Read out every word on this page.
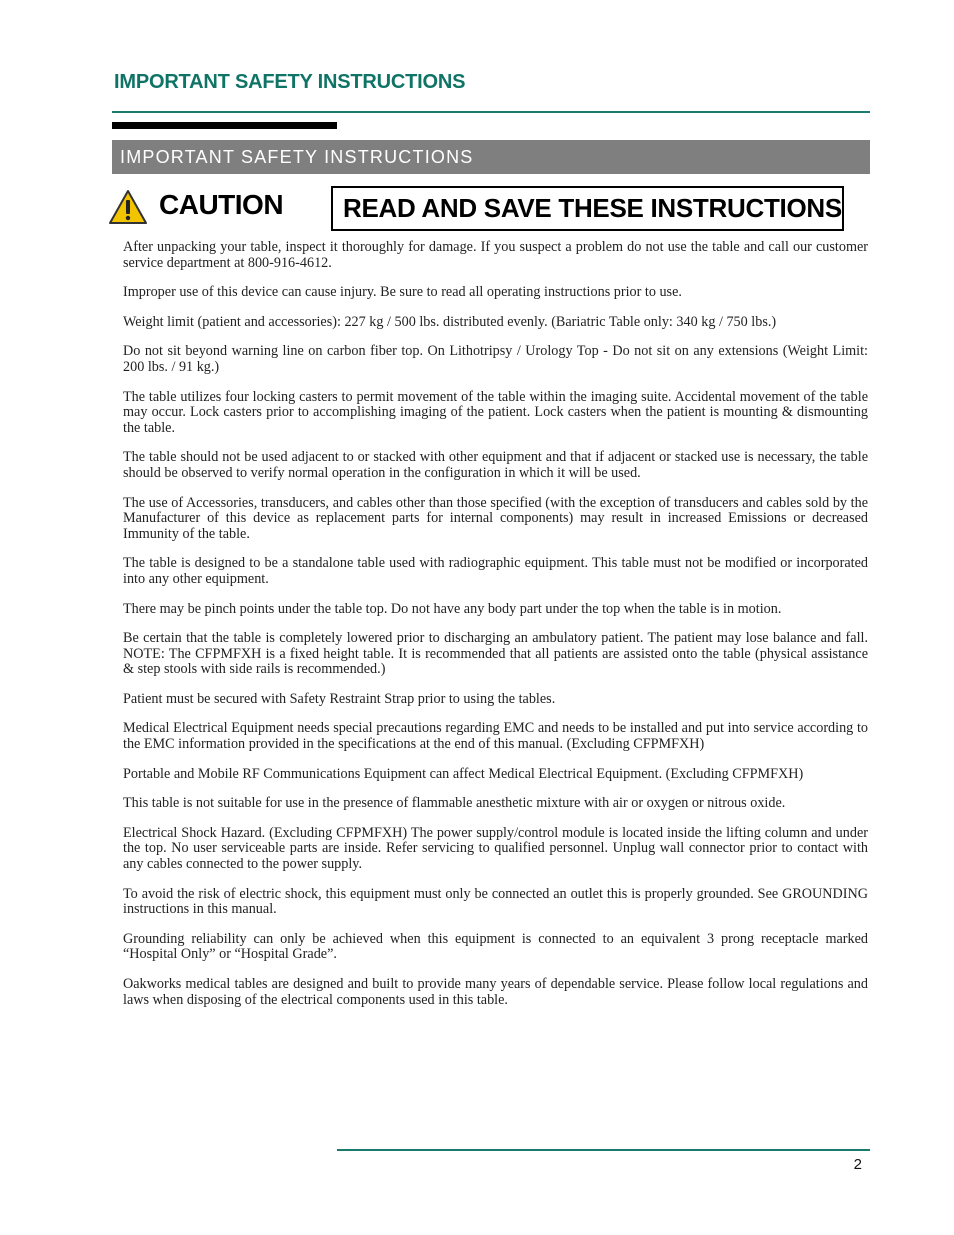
IMPORTANT SAFETY INSTRUCTIONS
IMPORTANT SAFETY INSTRUCTIONS
CAUTION READ AND SAVE THESE INSTRUCTIONS

After unpacking your table, inspect it thoroughly for damage. If you suspect a problem do not use the table and call our customer service department at 800-916-4612.

Improper use of this device can cause injury. Be sure to read all operating instructions prior to use.

Weight limit (patient and accessories): 227 kg / 500 lbs. distributed evenly. (Bariatric Table only: 340 kg / 750 lbs.)

Do not sit beyond warning line on carbon fiber top. On Lithotripsy / Urology Top - Do not sit on any extensions (Weight Limit: 200 lbs. / 91 kg.)

The table utilizes four locking casters to permit movement of the table within the imaging suite. Accidental movement of the table may occur. Lock casters prior to accomplishing imaging of the patient. Lock casters when the patient is mounting & dismounting the table.

The table should not be used adjacent to or stacked with other equipment and that if adjacent or stacked use is necessary, the table should be observed to verify normal operation in the configuration in which it will be used.

The use of Accessories, transducers, and cables other than those specified (with the exception of transducers and cables sold by the Manufacturer of this device as replacement parts for internal components) may result in increased Emissions or decreased Immunity of the table.

The table is designed to be a standalone table used with radiographic equipment. This table must not be modified or incorporated into any other equipment.

There may be pinch points under the table top. Do not have any body part under the top when the table is in motion.

Be certain that the table is completely lowered prior to discharging an ambulatory patient. The patient may lose balance and fall. NOTE: The CFPMFXH is a fixed height table. It is recommended that all patients are assisted onto the table (physical assistance & step stools with side rails is recommended.)

Patient must be secured with Safety Restraint Strap prior to using the tables.

Medical Electrical Equipment needs special precautions regarding EMC and needs to be installed and put into service according to the EMC information provided in the specifications at the end of this manual. (Excluding CFPMFXH)

Portable and Mobile RF Communications Equipment can affect Medical Electrical Equipment. (Excluding CFPMFXH)

This table is not suitable for use in the presence of flammable anesthetic mixture with air or oxygen or nitrous oxide.

Electrical Shock Hazard. (Excluding CFPMFXH) The power supply/control module is located inside the lifting column and under the top. No user serviceable parts are inside. Refer servicing to qualified personnel. Unplug wall connector prior to contact with any cables connected to the power supply.

To avoid the risk of electric shock, this equipment must only be connected an outlet this is properly grounded. See GROUNDING instructions in this manual.

Grounding reliability can only be achieved when this equipment is connected to an equivalent 3 prong receptacle marked “Hospital Only” or “Hospital Grade”.

Oakworks medical tables are designed and built to provide many years of dependable service. Please follow local regulations and laws when disposing of the electrical components used in this table.

2
